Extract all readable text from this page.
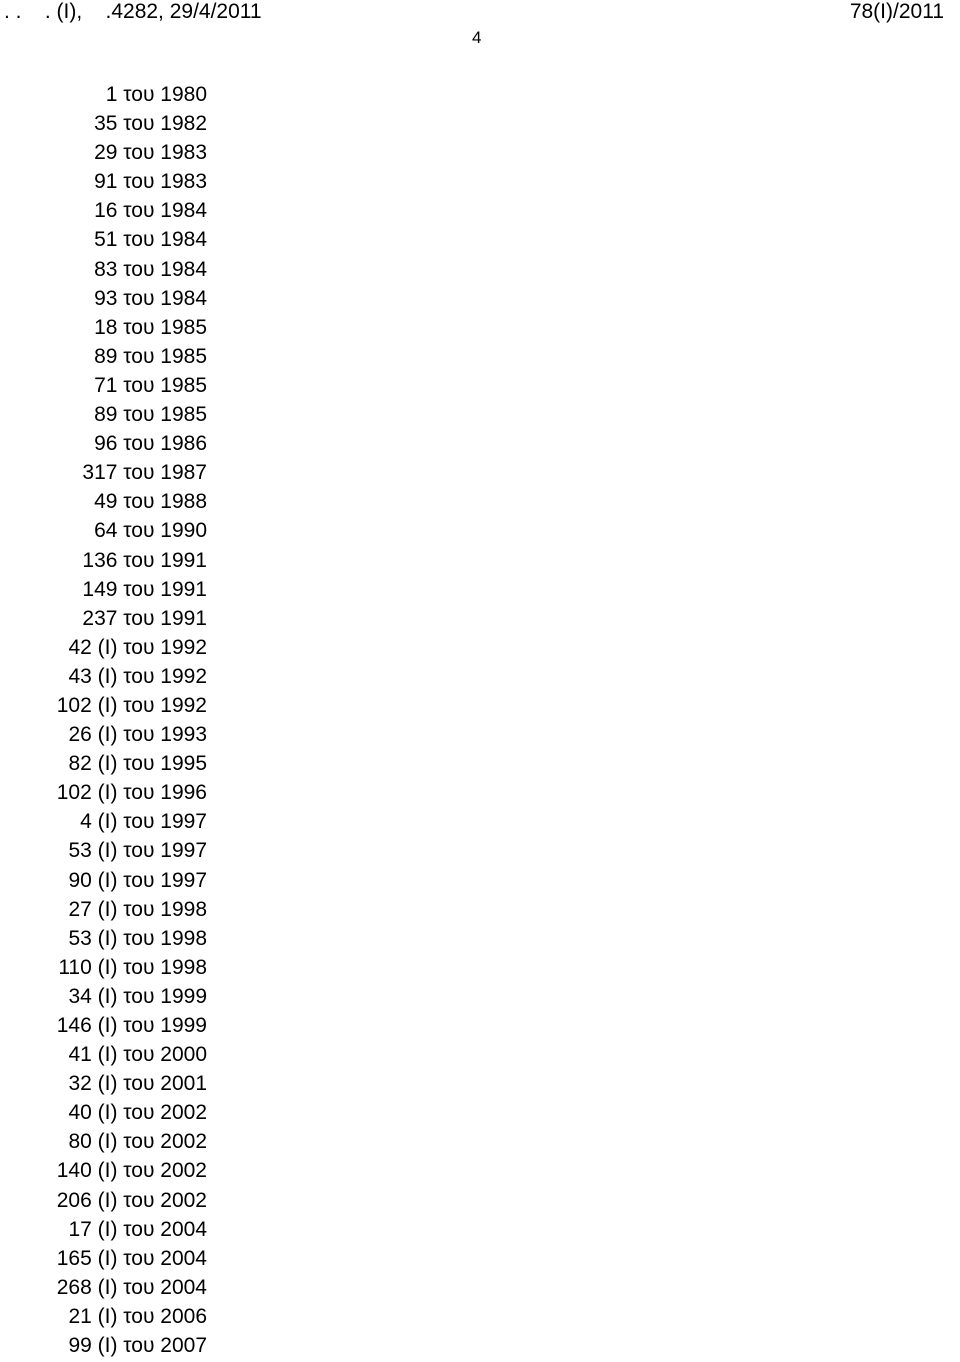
. .    . (Ι),    .4282, 29/4/2011	78(Ι)/2011
4
1 του 1980
35 του 1982
29 του 1983
91 του 1983
16 του 1984
51 του 1984
83 του 1984
93 του 1984
18 του 1985
89 του 1985
71 του 1985
89 του 1985
96 του 1986
317 του 1987
49 του 1988
64 του 1990
136 του 1991
149 του 1991
237 του 1991
42 (Ι) του 1992
43 (Ι) του 1992
102 (Ι) του 1992
26 (Ι) του 1993
82 (Ι) του 1995
102 (Ι) του 1996
4 (Ι) του 1997
53 (Ι) του 1997
90 (Ι) του 1997
27 (Ι) του 1998
53 (Ι) του 1998
110 (Ι) του 1998
34 (Ι) του 1999
146 (Ι) του 1999
41 (Ι) του 2000
32 (Ι) του 2001
40 (Ι) του 2002
80 (Ι) του 2002
140 (Ι) του 2002
206 (Ι) του 2002
17 (Ι) του 2004
165 (Ι) του 2004
268 (Ι) του 2004
21 (Ι) του 2006
99 (Ι) του 2007
